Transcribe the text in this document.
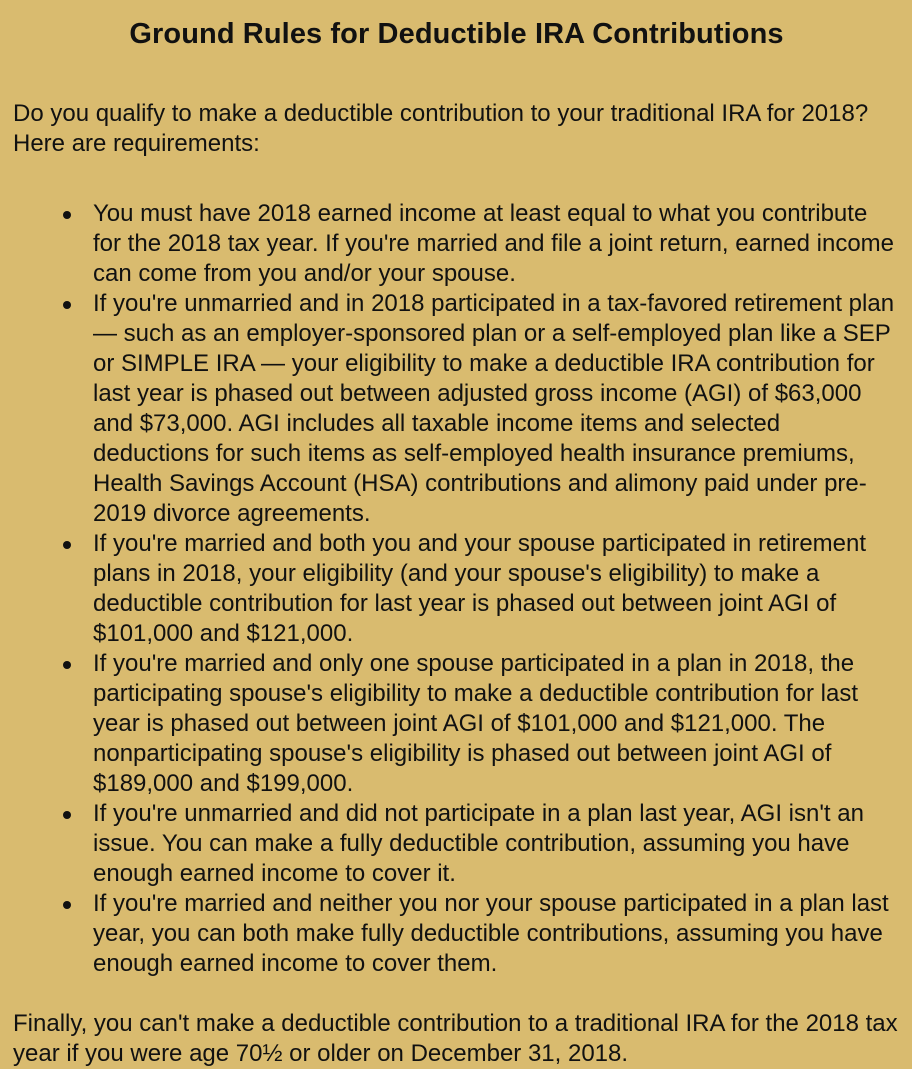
Ground Rules for Deductible IRA Contributions

Do you qualify to make a deductible contribution to your traditional IRA for 2018? Here are requirements:

You must have 2018 earned income at least equal to what you contribute for the 2018 tax year. If you're married and file a joint return, earned income can come from you and/or your spouse.
If you're unmarried and in 2018 participated in a tax-favored retirement plan — such as an employer-sponsored plan or a self-employed plan like a SEP or SIMPLE IRA — your eligibility to make a deductible IRA contribution for last year is phased out between adjusted gross income (AGI) of $63,000 and $73,000. AGI includes all taxable income items and selected deductions for such items as self-employed health insurance premiums, Health Savings Account (HSA) contributions and alimony paid under pre-2019 divorce agreements.
If you're married and both you and your spouse participated in retirement plans in 2018, your eligibility (and your spouse's eligibility) to make a deductible contribution for last year is phased out between joint AGI of $101,000 and $121,000.
If you're married and only one spouse participated in a plan in 2018, the participating spouse's eligibility to make a deductible contribution for last year is phased out between joint AGI of $101,000 and $121,000. The nonparticipating spouse's eligibility is phased out between joint AGI of $189,000 and $199,000.
If you're unmarried and did not participate in a plan last year, AGI isn't an issue. You can make a fully deductible contribution, assuming you have enough earned income to cover it.
If you're married and neither you nor your spouse participated in a plan last year, you can both make fully deductible contributions, assuming you have enough earned income to cover them.

Finally, you can't make a deductible contribution to a traditional IRA for the 2018 tax year if you were age 70½ or older on December 31, 2018.
